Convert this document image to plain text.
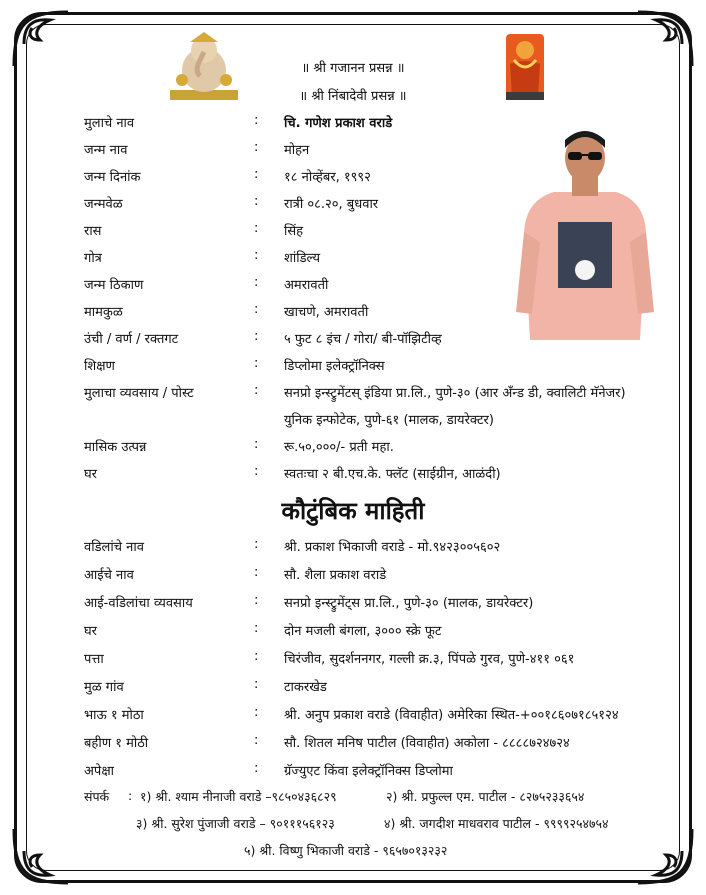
॥ श्री गजानन प्रसन्न ॥
॥ श्री निंबादेवी प्रसन्न ॥
मुलाचे नाव	: चि. गणेश प्रकाश वराडे
जन्म नाव	: मोहन
जन्म दिनांक	: १८ नोव्हेंबर, १९९२
जन्मवेळ	: रात्री ०८.२०, बुधवार
रास	: सिंह
गोत्र	: शांडिल्य
जन्म ठिकाण	: अमरावती
मामकुळ	: खाचणे, अमरावती
उंची / वर्ण / रक्तगट	: ५ फुट ८ इंच / गोरा/ बी-पॉझिटीव्ह
शिक्षण	: डिप्लोमा इलेक्ट्रॉनिक्स
मुलाचा व्यवसाय / पोस्ट	: सनप्रो इन्स्ट्रुमेंटस् इंडिया प्रा.लि., पुणे-३० (आर अँन्ड डी, क्वालिटी मॅनेजर)
युनिक इन्फोटेक, पुणे-६१ (मालक, डायरेक्टर)
मासिक उत्पन्न	: रू.५०,०००/- प्रती महा.
घर	: स्वतःचा २ बी.एच.के. फ्लॅट (साईग्रीन, आळंदी)
कौटुंबिक माहिती
वडिलांचे नाव	: श्री. प्रकाश भिकाजी वराडे - मो.९४२३००५६०२
आईचे नाव	: सौ. शैला प्रकाश वराडे
आई-वडिलांचा व्यवसाय	: सनप्रो इन्स्ट्रुमेंट्स प्रा.लि., पुणे-३० (मालक, डायरेक्टर)
घर	: दोन मजली बंगला, ३००० स्क्रे फूट
पत्ता	: चिरंजीव, सुदर्शननगर, गल्ली क्र.३, पिंपळे गुरव, पुणे-४११ ०६१
मुळ गांव	: टाकरखेड
भाऊ १ मोठा	: श्री. अनुप प्रकाश वराडे (विवाहीत) अमेरिका स्थित-+००१८६०७१८५१२४
बहीण १ मोठी	: सौ. शितल मनिष पाटील (विवाहीत) अकोला - ८८८८७२४७२४
अपेक्षा	: ग्रॅज्युएट किंवा इलेक्ट्रॉनिक्स डिप्लोमा
संपर्क : १) श्री. श्याम नीनाजी वराडे –९८५०४३६८२९	२) श्री. प्रफुल्ल एम. पाटील - ८२७५२३३६५४
३) श्री. सुरेश पुंजाजी वराडे – ९०१११५६१२३	४) श्री. जगदीश माधवराव पाटील - ९९९९२५४७५४
५) श्री. विष्णु भिकाजी वराडे - ९६५७०१३२३२
